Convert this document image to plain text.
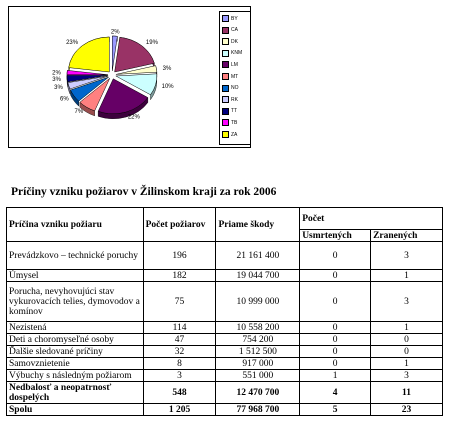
2%
19%
3%
10%
22%
7%
6%
3%
3%
2%
23%
BY
CA
DK
KNM
LM
MT
NO
RK
TT
TB
ZA
Príčiny vzniku požiarov v Žilinskom kraji za rok 2006
Príčina vzniku požiaru	Počet požiarov	Priame škody	Počet	
			Usmrtených	Zranených
Prevádzkovo – technické poruchy	196	21 161 400	0	3
Úmysel	182	19 044 700	0	1
Porucha, nevyhovujúci stav vykurovacích telies, dymovodov a komínov	75	10 999 000	0	3
Nezistená	114	10 558 200	0	1
Deti a choromyseľné osoby	47	754 200	0	0
Ďalšie sledované príčiny	32	1 512 500	0	0
Samovznietenie	8	917 000	0	1
Výbuchy s následným požiarom	3	551 000	1	3
Nedbalosť a neopatrnosť dospelých	548	12 470 700	4	11
Spolu	1 205	77 968 700	5	23
